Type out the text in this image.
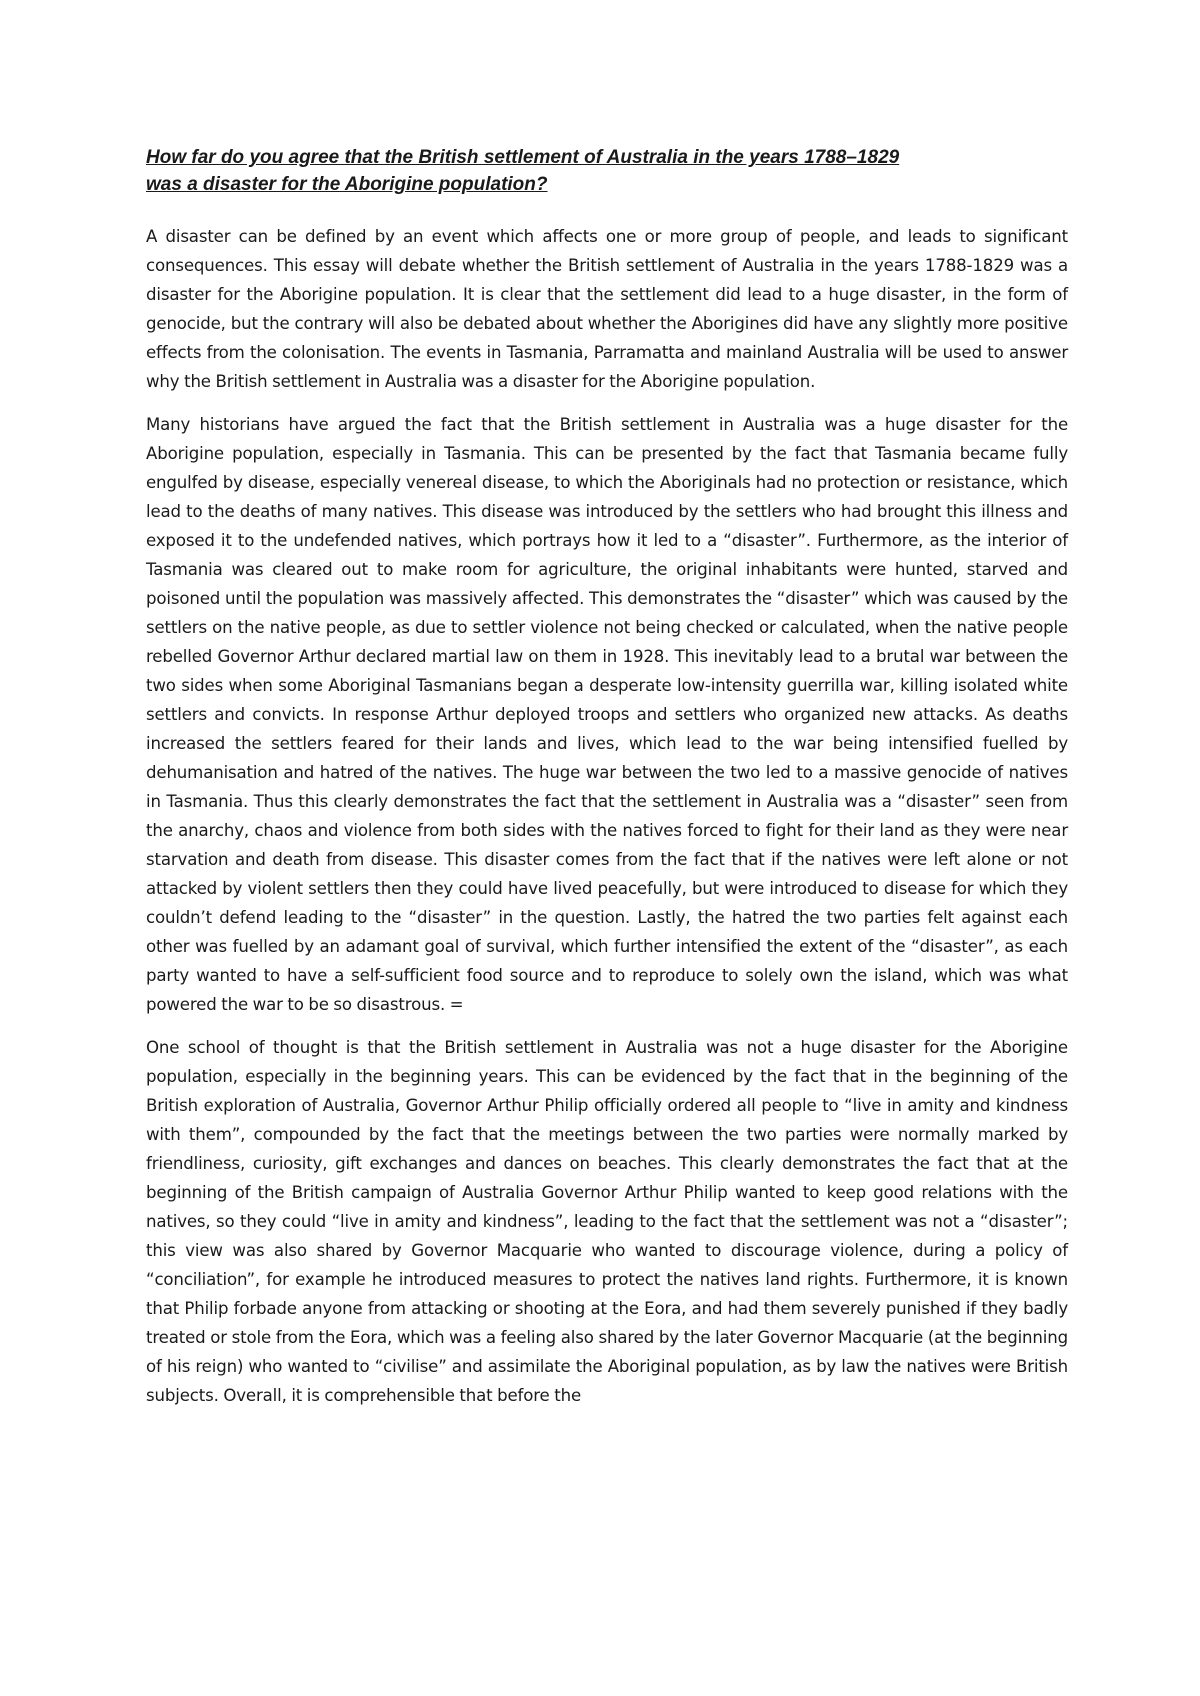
How far do you agree that the British settlement of Australia in the years 1788–1829
was a disaster for the Aborigine population?

A disaster can be defined by an event which affects one or more group of people, and leads to significant consequences. This essay will debate whether the British settlement of Australia in the years 1788-1829 was a disaster for the Aborigine population. It is clear that the settlement did lead to a huge disaster, in the form of genocide, but the contrary will also be debated about whether the Aborigines did have any slightly more positive effects from the colonisation. The events in Tasmania, Parramatta and mainland Australia will be used to answer why the British settlement in Australia was a disaster for the Aborigine population.

Many historians have argued the fact that the British settlement in Australia was a huge disaster for the Aborigine population, especially in Tasmania. This can be presented by the fact that Tasmania became fully engulfed by disease, especially venereal disease, to which the Aboriginals had no protection or resistance, which lead to the deaths of many natives. This disease was introduced by the settlers who had brought this illness and exposed it to the undefended natives, which portrays how it led to a “disaster”. Furthermore, as the interior of Tasmania was cleared out to make room for agriculture, the original inhabitants were hunted, starved and poisoned until the population was massively affected. This demonstrates the “disaster” which was caused by the settlers on the native people, as due to settler violence not being checked or calculated, when the native people rebelled Governor Arthur declared martial law on them in 1928. This inevitably lead to a brutal war between the two sides when some Aboriginal Tasmanians began a desperate low-intensity guerrilla war, killing isolated white settlers and convicts. In response Arthur deployed troops and settlers who organized new attacks. As deaths increased the settlers feared for their lands and lives, which lead to the war being intensified fuelled by dehumanisation and hatred of the natives. The huge war between the two led to a massive genocide of natives in Tasmania. Thus this clearly demonstrates the fact that the settlement in Australia was a “disaster” seen from the anarchy, chaos and violence from both sides with the natives forced to fight for their land as they were near starvation and death from disease. This disaster comes from the fact that if the natives were left alone or not attacked by violent settlers then they could have lived peacefully, but were introduced to disease for which they couldn’t defend leading to the “disaster” in the question. Lastly, the hatred the two parties felt against each other was fuelled by an adamant goal of survival, which further intensified the extent of the “disaster”, as each party wanted to have a self-sufficient food source and to reproduce to solely own the island, which was what powered the war to be so disastrous. =

One school of thought is that the British settlement in Australia was not a huge disaster for the Aborigine population, especially in the beginning years. This can be evidenced by the fact that in the beginning of the British exploration of Australia, Governor Arthur Philip officially ordered all people to “live in amity and kindness with them”, compounded by the fact that the meetings between the two parties were normally marked by friendliness, curiosity, gift exchanges and dances on beaches. This clearly demonstrates the fact that at the beginning of the British campaign of Australia Governor Arthur Philip wanted to keep good relations with the natives, so they could “live in amity and kindness”, leading to the fact that the settlement was not a “disaster”; this view was also shared by Governor Macquarie who wanted to discourage violence, during a policy of “conciliation”, for example he introduced measures to protect the natives land rights. Furthermore, it is known that Philip forbade anyone from attacking or shooting at the Eora, and had them severely punished if they badly treated or stole from the Eora, which was a feeling also shared by the later Governor Macquarie (at the beginning of his reign) who wanted to “civilise” and assimilate the Aboriginal population, as by law the natives were British subjects. Overall, it is comprehensible that before the
